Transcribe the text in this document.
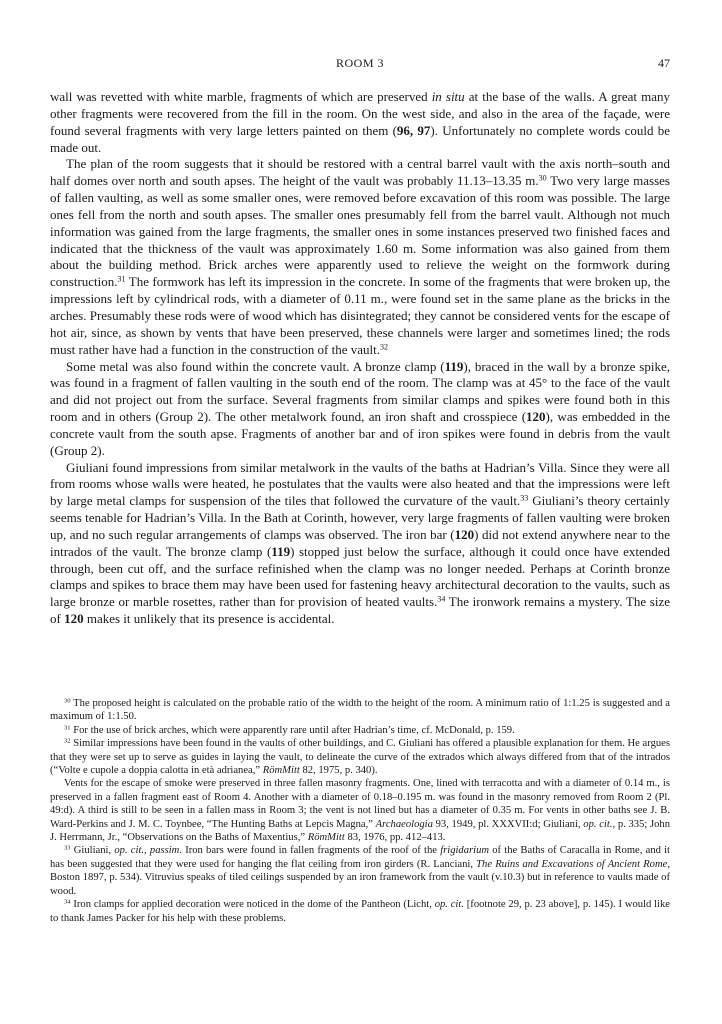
ROOM 3	47

wall was revetted with white marble, fragments of which are preserved in situ at the base of the walls. A great many other fragments were recovered from the fill in the room. On the west side, and also in the area of the façade, were found several fragments with very large letters painted on them (96, 97). Unfortunately no complete words could be made out.

The plan of the room suggests that it should be restored with a central barrel vault with the axis north–south and half domes over north and south apses. The height of the vault was probably 11.13–13.35 m.$^{30}$ Two very large masses of fallen vaulting, as well as some smaller ones, were removed before excavation of this room was possible. The large ones fell from the north and south apses. The smaller ones presumably fell from the barrel vault. Although not much information was gained from the large fragments, the smaller ones in some instances preserved two finished faces and indicated that the thickness of the vault was approximately 1.60 m. Some information was also gained from them about the building method. Brick arches were apparently used to relieve the weight on the formwork during construction.$^{31}$ The formwork has left its impression in the concrete. In some of the fragments that were broken up, the impressions left by cylindrical rods, with a diameter of 0.11 m., were found set in the same plane as the bricks in the arches. Presumably these rods were of wood which has disintegrated; they cannot be considered vents for the escape of hot air, since, as shown by vents that have been preserved, these channels were larger and sometimes lined; the rods must rather have had a function in the construction of the vault.$^{32}$

Some metal was also found within the concrete vault. A bronze clamp (119), braced in the wall by a bronze spike, was found in a fragment of fallen vaulting in the south end of the room. The clamp was at 45° to the face of the vault and did not project out from the surface. Several fragments from similar clamps and spikes were found both in this room and in others (Group 2). The other metalwork found, an iron shaft and crosspiece (120), was embedded in the concrete vault from the south apse. Fragments of another bar and of iron spikes were found in debris from the vault (Group 2).

Giuliani found impressions from similar metalwork in the vaults of the baths at Hadrian’s Villa. Since they were all from rooms whose walls were heated, he postulates that the vaults were also heated and that the impressions were left by large metal clamps for suspension of the tiles that followed the curvature of the vault.$^{33}$ Giuliani’s theory certainly seems tenable for Hadrian’s Villa. In the Bath at Corinth, however, very large fragments of fallen vaulting were broken up, and no such regular arrangements of clamps was observed. The iron bar (120) did not extend anywhere near to the intrados of the vault. The bronze clamp (119) stopped just below the surface, although it could once have extended through, been cut off, and the surface refinished when the clamp was no longer needed. Perhaps at Corinth bronze clamps and spikes to brace them may have been used for fastening heavy architectural decoration to the vaults, such as large bronze or marble rosettes, rather than for provision of heated vaults.$^{34}$ The ironwork remains a mystery. The size of 120 makes it unlikely that its presence is accidental.

$^{30}$ The proposed height is calculated on the probable ratio of the width to the height of the room. A minimum ratio of 1:1.25 is suggested and a maximum of 1:1.50.

$^{31}$ For the use of brick arches, which were apparently rare until after Hadrian’s time, cf. McDonald, p. 159.

$^{32}$ Similar impressions have been found in the vaults of other buildings, and C. Giuliani has offered a plausible explanation for them. He argues that they were set up to serve as guides in laying the vault, to delineate the curve of the extrados which always differed from that of the intrados (“Volte e cupole a doppia calotta in età adrianea,” RömMitt 82, 1975, p. 340).

Vents for the escape of smoke were preserved in three fallen masonry fragments. One, lined with terracotta and with a diameter of 0.14 m., is preserved in a fallen fragment east of Room 4. Another with a diameter of 0.18–0.195 m. was found in the masonry removed from Room 2 (Pl. 49:d). A third is still to be seen in a fallen mass in Room 3; the vent is not lined but has a diameter of 0.35 m. For vents in other baths see J. B. Ward-Perkins and J. M. C. Toynbee, “The Hunting Baths at Lepcis Magna,” Archaeologia 93, 1949, pl. XXXVII:d; Giuliani, op. cit., p. 335; John J. Herrmann, Jr., “Observations on the Baths of Maxentius,” RömMitt 83, 1976, pp. 412–413.

$^{33}$ Giuliani, op. cit., passim. Iron bars were found in fallen fragments of the roof of the frigidarium of the Baths of Caracalla in Rome, and it has been suggested that they were used for hanging the flat ceiling from iron girders (R. Lanciani, The Ruins and Excavations of Ancient Rome, Boston 1897, p. 534). Vitruvius speaks of tiled ceilings suspended by an iron framework from the vault (v.10.3) but in reference to vaults made of wood.

$^{34}$ Iron clamps for applied decoration were noticed in the dome of the Pantheon (Licht, op. cit. [footnote 29, p. 23 above], p. 145). I would like to thank James Packer for his help with these problems.
